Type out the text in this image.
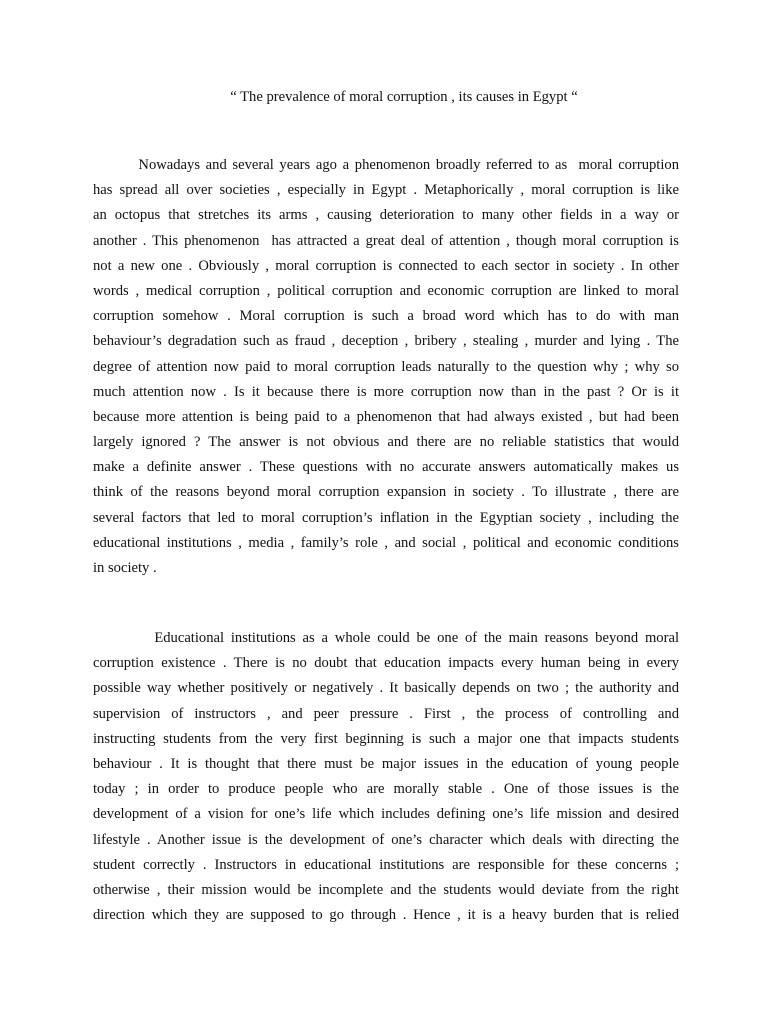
“ The prevalence of moral corruption , its causes in Egypt “
Nowadays and several years ago a phenomenon broadly referred to as  moral corruption
has spread all over societies , especially in Egypt . Metaphorically , moral corruption is like
an octopus that stretches its arms , causing deterioration to many other fields in a way or
another . This phenomenon  has attracted a great deal of attention , though moral corruption is
not a new one . Obviously , moral corruption is connected to each sector in society . In other
words , medical corruption , political corruption and economic corruption are linked to moral
corruption somehow . Moral corruption is such a broad word which has to do with man
behaviour’s degradation such as fraud , deception , bribery , stealing , murder and lying . The
degree of attention now paid to moral corruption leads naturally to the question why ; why so
much attention now . Is it because there is more corruption now than in the past ? Or is it
because more attention is being paid to a phenomenon that had always existed , but had been
largely ignored ? The answer is not obvious and there are no reliable statistics that would
make a definite answer . These questions with no accurate answers automatically makes us
think of the reasons beyond moral corruption expansion in society . To illustrate , there are
several factors that led to moral corruption’s inflation in the Egyptian society , including the
educational institutions , media , family’s role , and social , political and economic conditions
in society .
Educational institutions as a whole could be one of the main reasons beyond moral
corruption existence . There is no doubt that education impacts every human being in every
possible way whether positively or negatively . It basically depends on two ; the authority and
supervision of instructors , and peer pressure . First , the process of controlling and
instructing students from the very first beginning is such a major one that impacts students
behaviour . It is thought that there must be major issues in the education of young people
today ; in order to produce people who are morally stable . One of those issues is the
development of a vision for one’s life which includes defining one’s life mission and desired
lifestyle . Another issue is the development of one’s character which deals with directing the
student correctly . Instructors in educational institutions are responsible for these concerns ;
otherwise , their mission would be incomplete and the students would deviate from the right
direction which they are supposed to go through . Hence , it is a heavy burden that is relied
